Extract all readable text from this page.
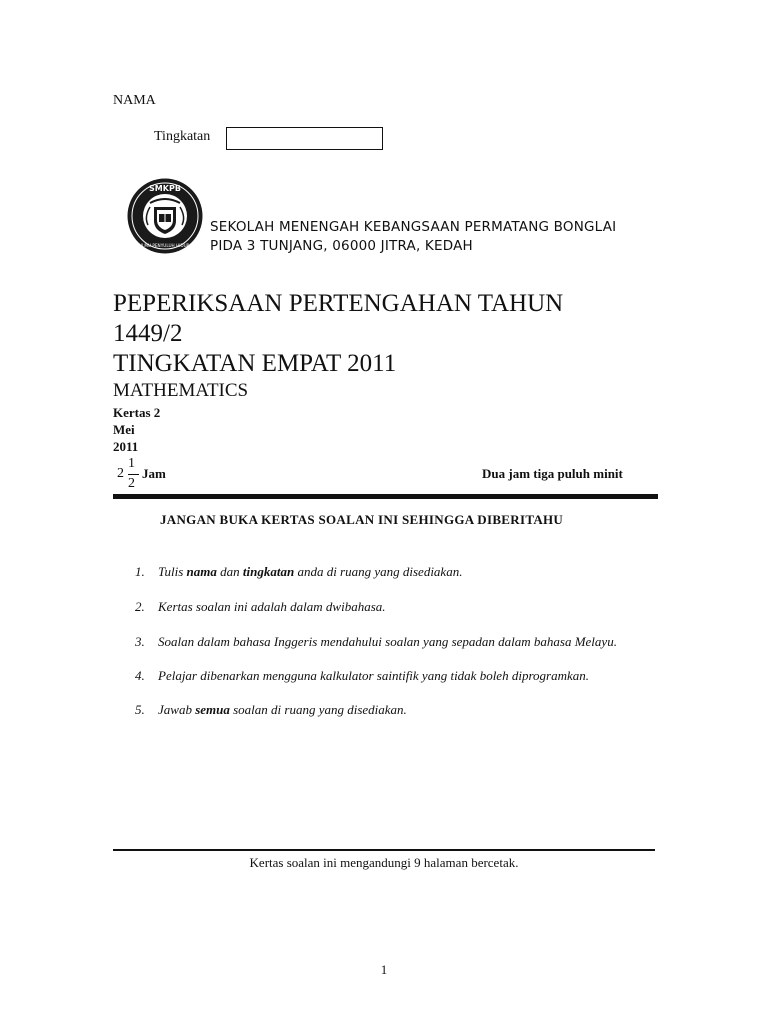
NAMA
Tingkatan
SMKPB
ILMU PENYULUH HIDUP
SEKOLAH MENENGAH KEBANGSAAN PERMATANG BONGLAI
PIDA 3 TUNJANG, 06000 JITRA, KEDAH
PEPERIKSAAN PERTENGAHAN TAHUN
1449/2
TINGKATAN EMPAT 2011
MATHEMATICS
Kertas 2
Mei
2011
2
1
2
Jam	Dua jam tiga puluh minit
JANGAN BUKA KERTAS SOALAN INI SEHINGGA DIBERITAHU
1. Tulis nama dan tingkatan anda di ruang yang disediakan.
2. Kertas soalan ini adalah dalam dwibahasa.
3. Soalan dalam bahasa Inggeris mendahului soalan yang sepadan dalam bahasa Melayu.
4. Pelajar dibenarkan mengguna kalkulator saintifik yang tidak boleh diprogramkan.
5. Jawab semua soalan di ruang yang disediakan.
Kertas soalan ini mengandungi 9 halaman bercetak.
1
